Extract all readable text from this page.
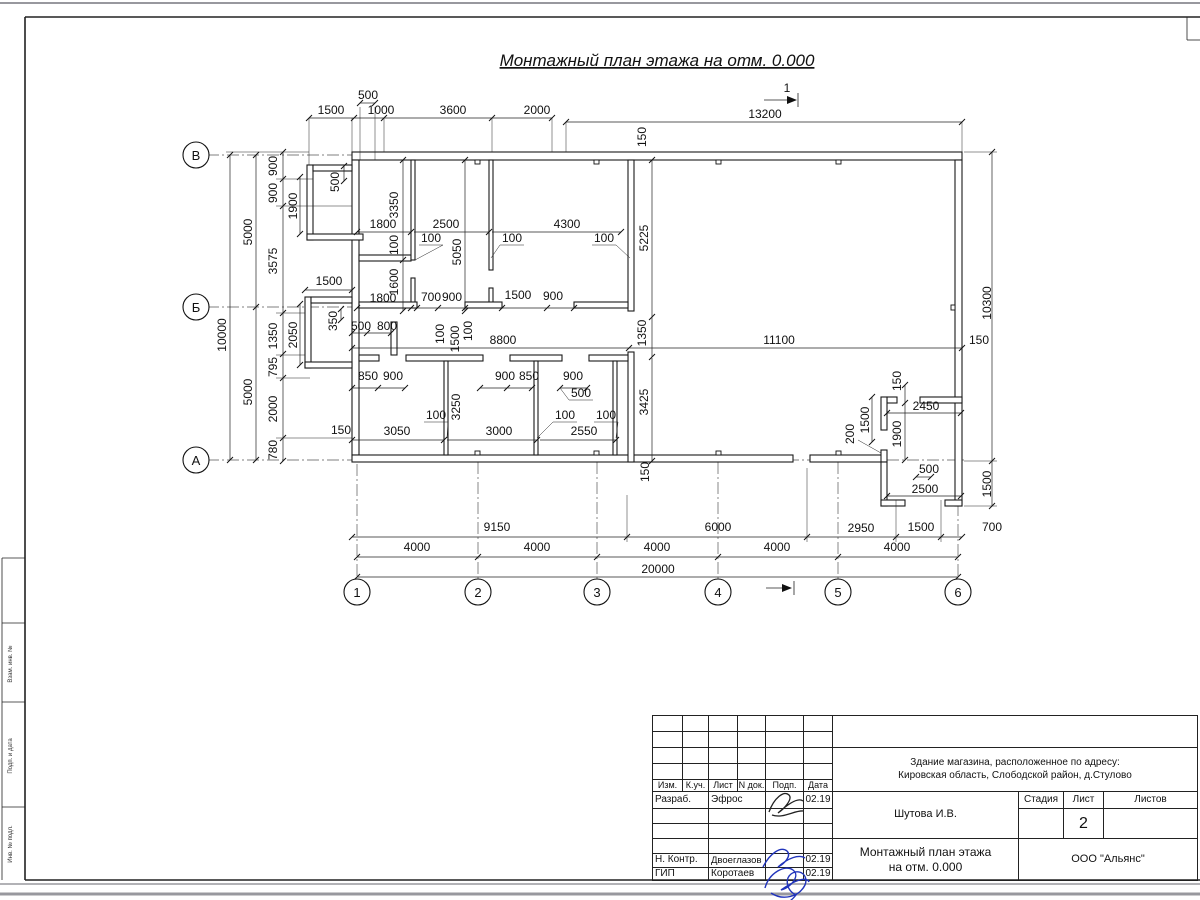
Взам. инв. №
Подп. и дата
Инв. № подл.
Монтажный план этажа на отм. 0.000
1
500
1500 1000	3600	2000	13200
150
10000
5000
5000
900
900
3575
1350
795
2000
780
1900
500
1500
2050
350
150
3350
1800	2500	4300
100	100	100
100	5050
5225
1600
1800 700 900	1500 900
500 800	100 1500 100 8800	1350
850 900	900 850 900
500
3250
100
3050	3000
100 100
2550
3425
150
11100	150
10300
150
2450
1500
200	1900
500
2500	1500
9150	6000	2950	1500	700
4000	4000	4000	4000	4000
20000
В
Б
А
1	2	3	4	5	6
Изм. К.уч. Лист N док. Подп.	Дата
Разраб.	Эфрос	02.19
Н. Контр.	Двоеглазов	02.19
ГИП	Коротаев	02.19
Здание магазина, расположенное по адресу:
Кировская область, Слободской район, д.Стулово
Шутова И.В.
Стадия	Лист	Листов
2
Монтажный план этажа
на отм. 0.000
ООО "Альянс"
